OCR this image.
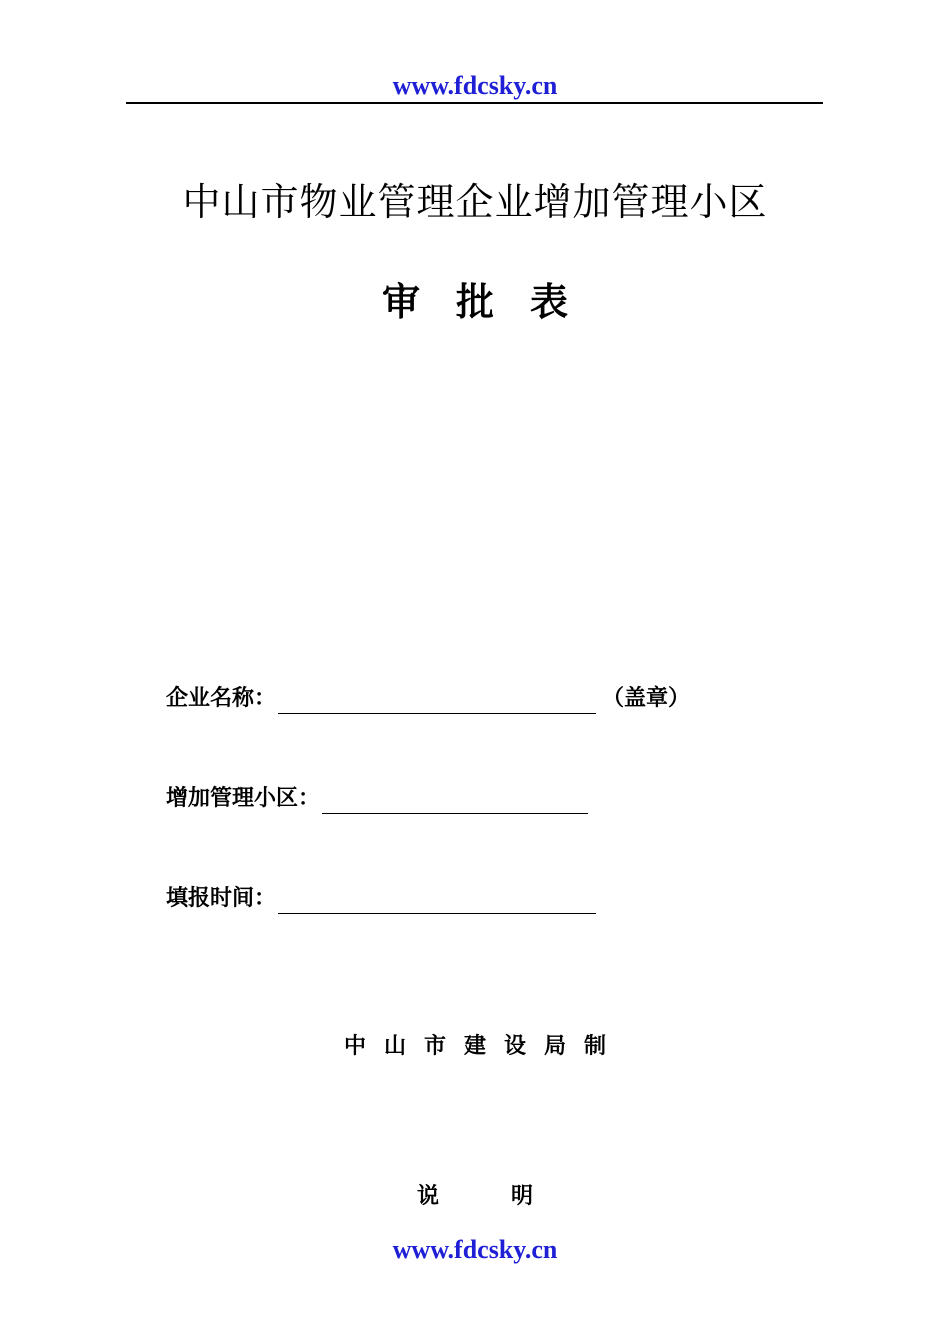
www.fdcsky.cn
中山市物业管理企业增加管理小区
审批表
企业名称：	（盖章）
增加管理小区：
填报时间：
中山市建设局制
说	明
www.fdcsky.cn
